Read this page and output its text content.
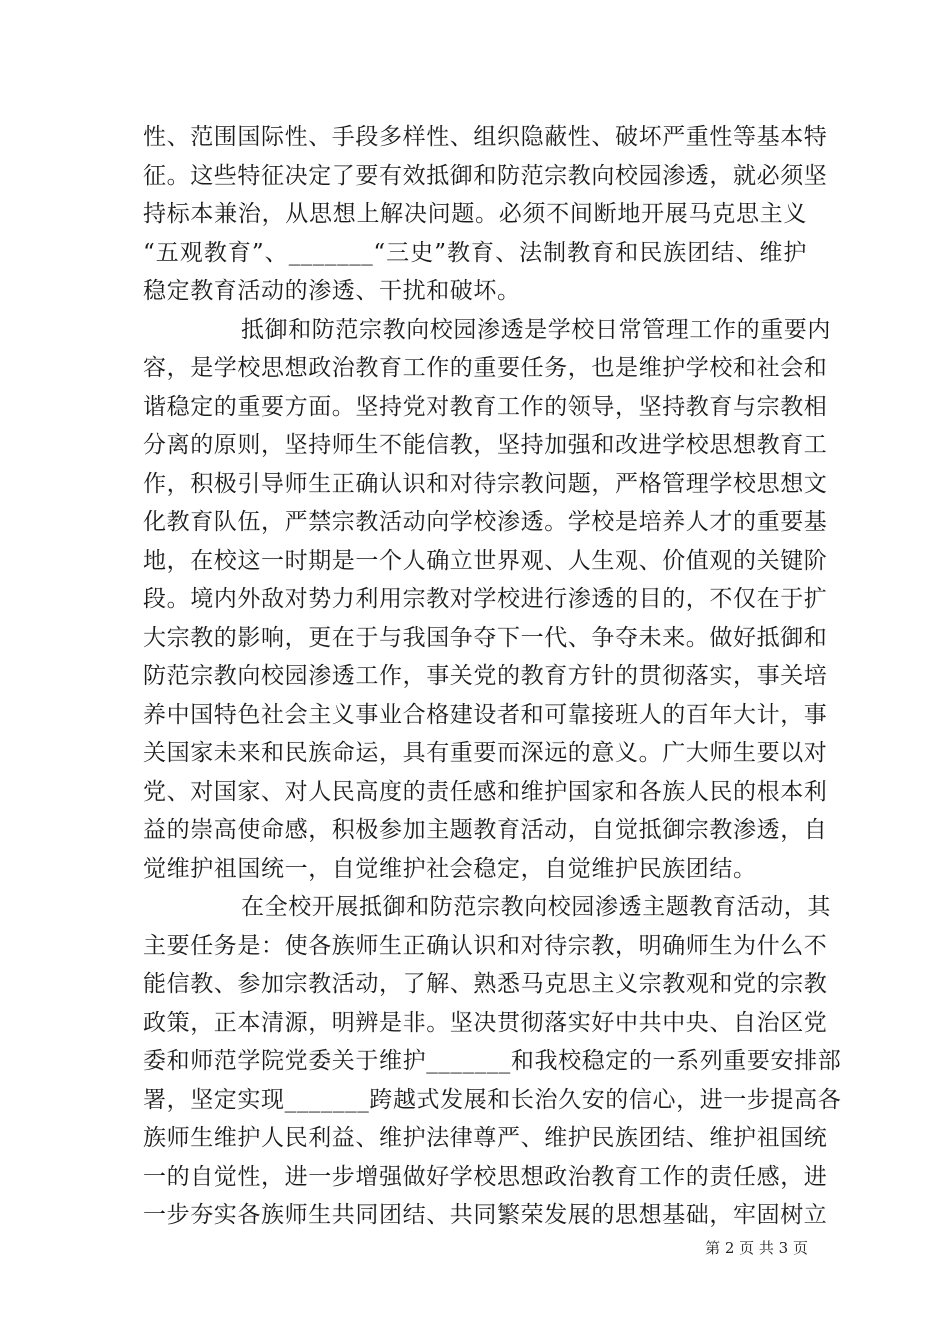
性、范围国际性、手段多样性、组织隐蔽性、破坏严重性等基本特
征。这些特征决定了要有效抵御和防范宗教向校园渗透，就必须坚
持标本兼治，从思想上解决问题。必须不间断地开展马克思主义
“五观教育”、_______“三史”教育、法制教育和民族团结、维护
稳定教育活动的渗透、干扰和破坏。
抵御和防范宗教向校园渗透是学校日常管理工作的重要内
容，是学校思想政治教育工作的重要任务，也是维护学校和社会和
谐稳定的重要方面。坚持党对教育工作的领导，坚持教育与宗教相
分离的原则，坚持师生不能信教，坚持加强和改进学校思想教育工
作，积极引导师生正确认识和对待宗教问题，严格管理学校思想文
化教育队伍，严禁宗教活动向学校渗透。学校是培养人才的重要基
地，在校这一时期是一个人确立世界观、人生观、价值观的关键阶
段。境内外敌对势力利用宗教对学校进行渗透的目的，不仅在于扩
大宗教的影响，更在于与我国争夺下一代、争夺未来。做好抵御和
防范宗教向校园渗透工作，事关党的教育方针的贯彻落实，事关培
养中国特色社会主义事业合格建设者和可靠接班人的百年大计，事
关国家未来和民族命运，具有重要而深远的意义。广大师生要以对
党、对国家、对人民高度的责任感和维护国家和各族人民的根本利
益的崇高使命感，积极参加主题教育活动，自觉抵御宗教渗透，自
觉维护祖国统一，自觉维护社会稳定，自觉维护民族团结。
在全校开展抵御和防范宗教向校园渗透主题教育活动，其
主要任务是：使各族师生正确认识和对待宗教，明确师生为什么不
能信教、参加宗教活动，了解、熟悉马克思主义宗教观和党的宗教
政策，正本清源，明辨是非。坚决贯彻落实好中共中央、自治区党
委和师范学院党委关于维护_______和我校稳定的一系列重要安排部
署，坚定实现_______跨越式发展和长治久安的信心，进一步提高各
族师生维护人民利益、维护法律尊严、维护民族团结、维护祖国统
一的自觉性，进一步增强做好学校思想政治教育工作的责任感，进
一步夯实各族师生共同团结、共同繁荣发展的思想基础，牢固树立
第 2 页 共 3 页
